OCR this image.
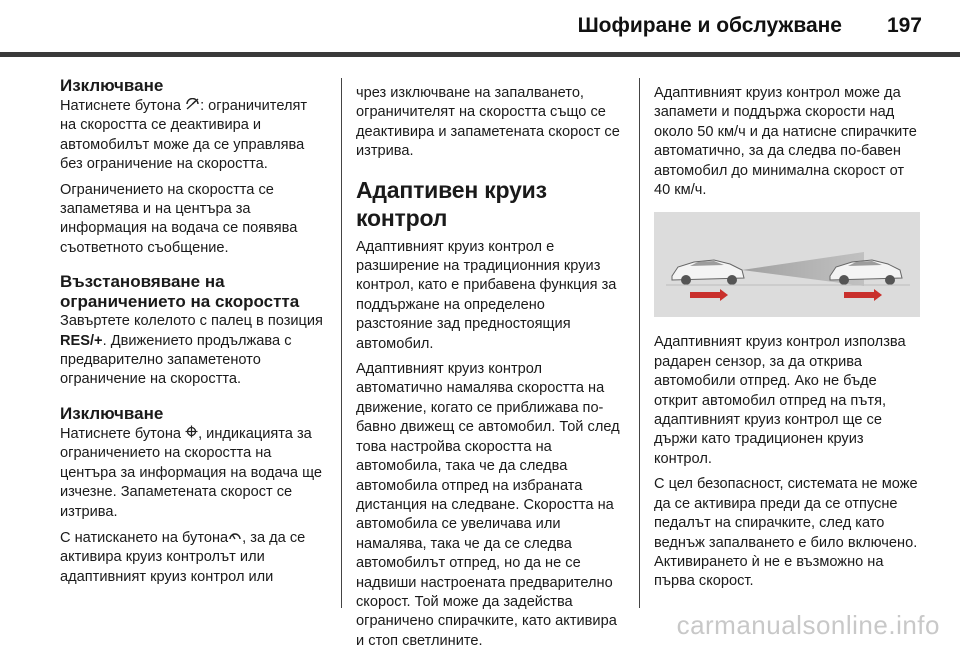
Шофиране и обслужване 197
Изключване

Натиснете бутона : ограничителят на скоростта се деактивира и автомобилът може да се управлява без ограничение на скоростта.

Ограничението на скоростта се запаметява и на центъра за информация на водача се появява съответното съобщение.

Възстановяване на ограничението на скоростта

Завъртете колелото с палец в позиция RES/+. Движението продължава с предварително запаметеното ограничение на скоростта.

Изключване

Натиснете бутона , индикацията за ограничението на скоростта на центъра за информация на водача ще изчезне. Запаметената скорост се изтрива.

С натискането на бутона , за да се активира круиз контролът или адаптивният круиз контрол или

чрез изключване на запалването, ограничителят на скоростта също се деактивира и запаметената скорост се изтрива.

Адаптивен круиз контрол

Адаптивният круиз контрол е разширение на традиционния круиз контрол, като е прибавена функция за поддържане на определено разстояние зад предностоящия автомобил.

Адаптивният круиз контрол автоматично намалява скоростта на движение, когато се приближава по-бавно движещ се автомобил. Той след това настройва скоростта на автомобила, така че да следва автомобила отпред на избраната дистанция на следване. Скоростта на автомобила се увеличава или намалява, така че да се следва автомобилът отпред, но да не се надвиши настроената предварително скорост. Той може да задейства ограничено спирачките, като активира и стоп светлините.

Адаптивният круиз контрол може да запамети и поддържа скорости над около 50 км/ч и да натисне спирачките автоматично, за да следва по-бавен автомобил до минимална скорост от 40 км/ч.

Адаптивният круиз контрол използва радарен сензор, за да открива автомобили отпред. Ако не бъде открит автомобил отпред на пътя, адаптивният круиз контрол ще се държи като традиционен круиз контрол.

С цел безопасност, системата не може да се активира преди да се отпусне педалът на спирачките, след като веднъж запалването е било включено. Активирането ѝ не е възможно на първа скорост.

carmanualsonline.info
